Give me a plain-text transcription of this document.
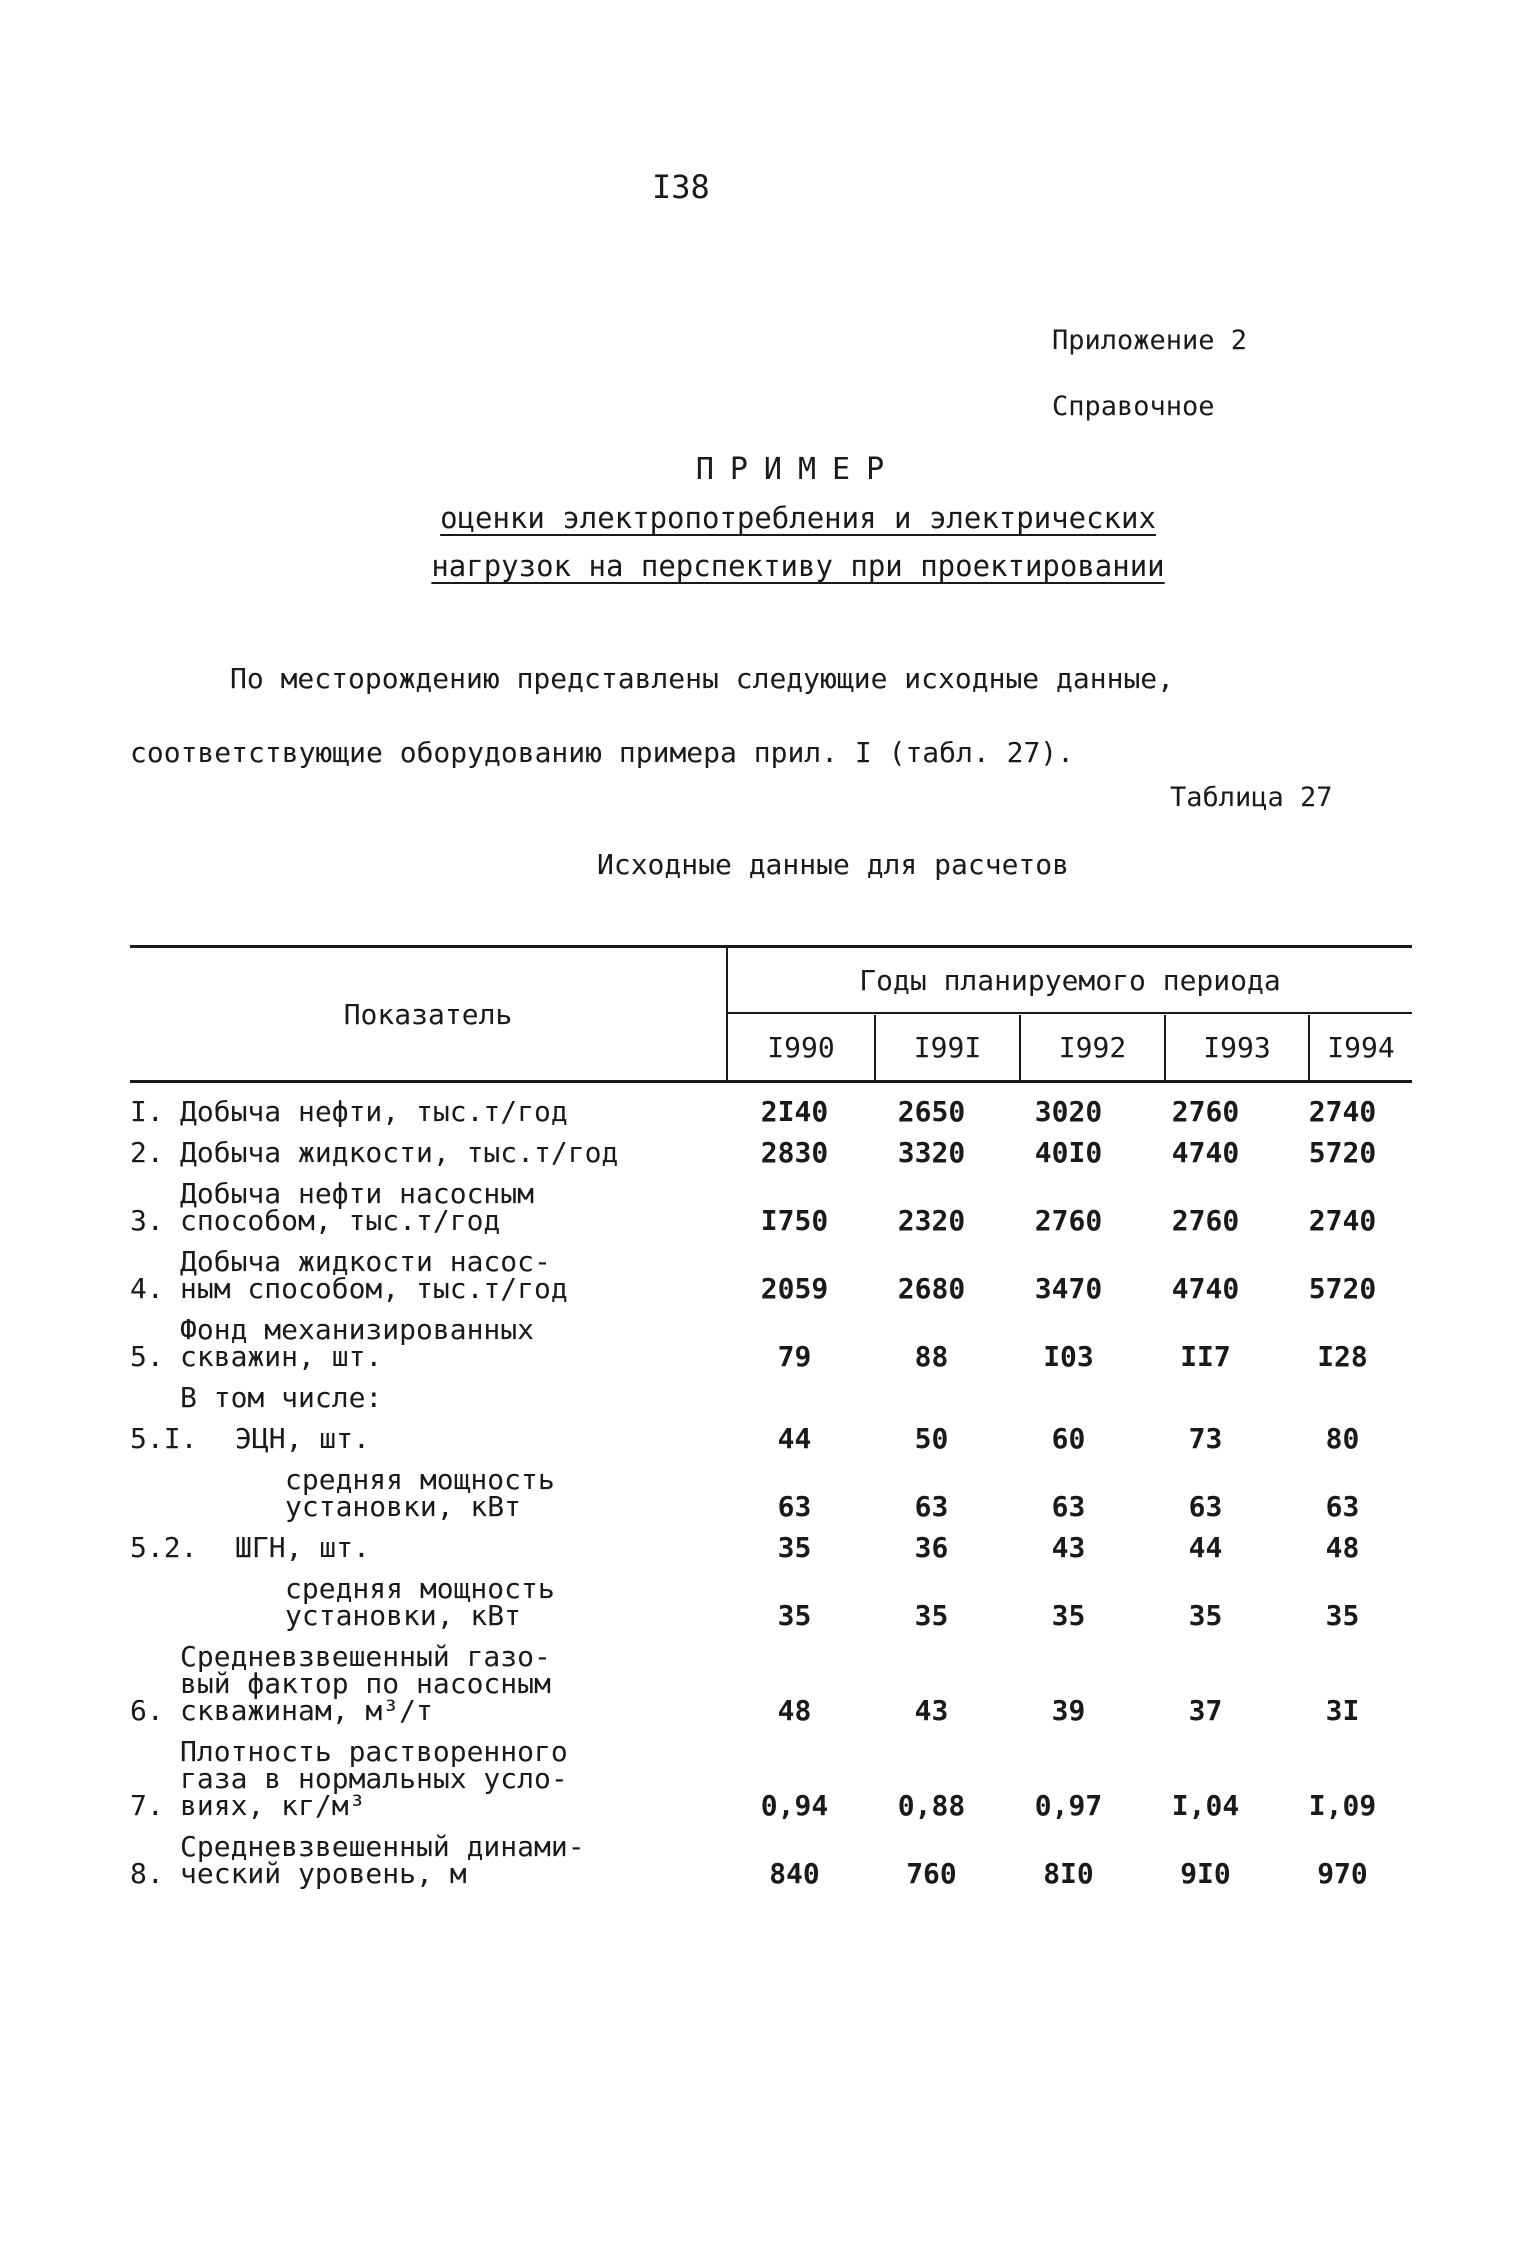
I38
Приложение 2
Справочное
ПРИМЕР
оценки электропотребления и электрических
нагрузок на перспективу при проектировании
По месторождению представлены следующие исходные данные,
соответствующие оборудованию примера прил. I (табл. 27).
Таблица 27
Исходные данные для расчетов
Показатель
Годы планируемого периода
I990	I99I	I992	I993	I994
I. Добыча нефти, тыс.т/год	2I40	2650	3020	2760	2740
2. Добыча жидкости, тыс.т/год	2830	3320	40I0	4740	5720
3.
Добыча нефти насосным
способом, тыс.т/год	I750	2320	2760	2760	2740
4.
Добыча жидкости насос-
ным способом, тыс.т/год	2059	2680	3470	4740	5720
5.
Фонд механизированных
скважин, шт.	79	88	I03	II7	I28
В том числе:
5.I.	ЭЦН, шт.	44	50	60	73	80
средняя мощность
установки, кВт	63	63	63	63	63
5.2.	ШГН, шт.	35	36	43	44	48
средняя мощность
установки, кВт	35	35	35	35	35
6.
Средневзвешенный газо-
вый фактор по насосным
скважинам, м³/т	48	43	39	37	3I
7.
Плотность растворенного
газа в нормальных усло-
виях, кг/м³	0,94	0,88	0,97	I,04	I,09
8.
Средневзвешенный динами-
ческий уровень, м	840	760	8I0	9I0	970
